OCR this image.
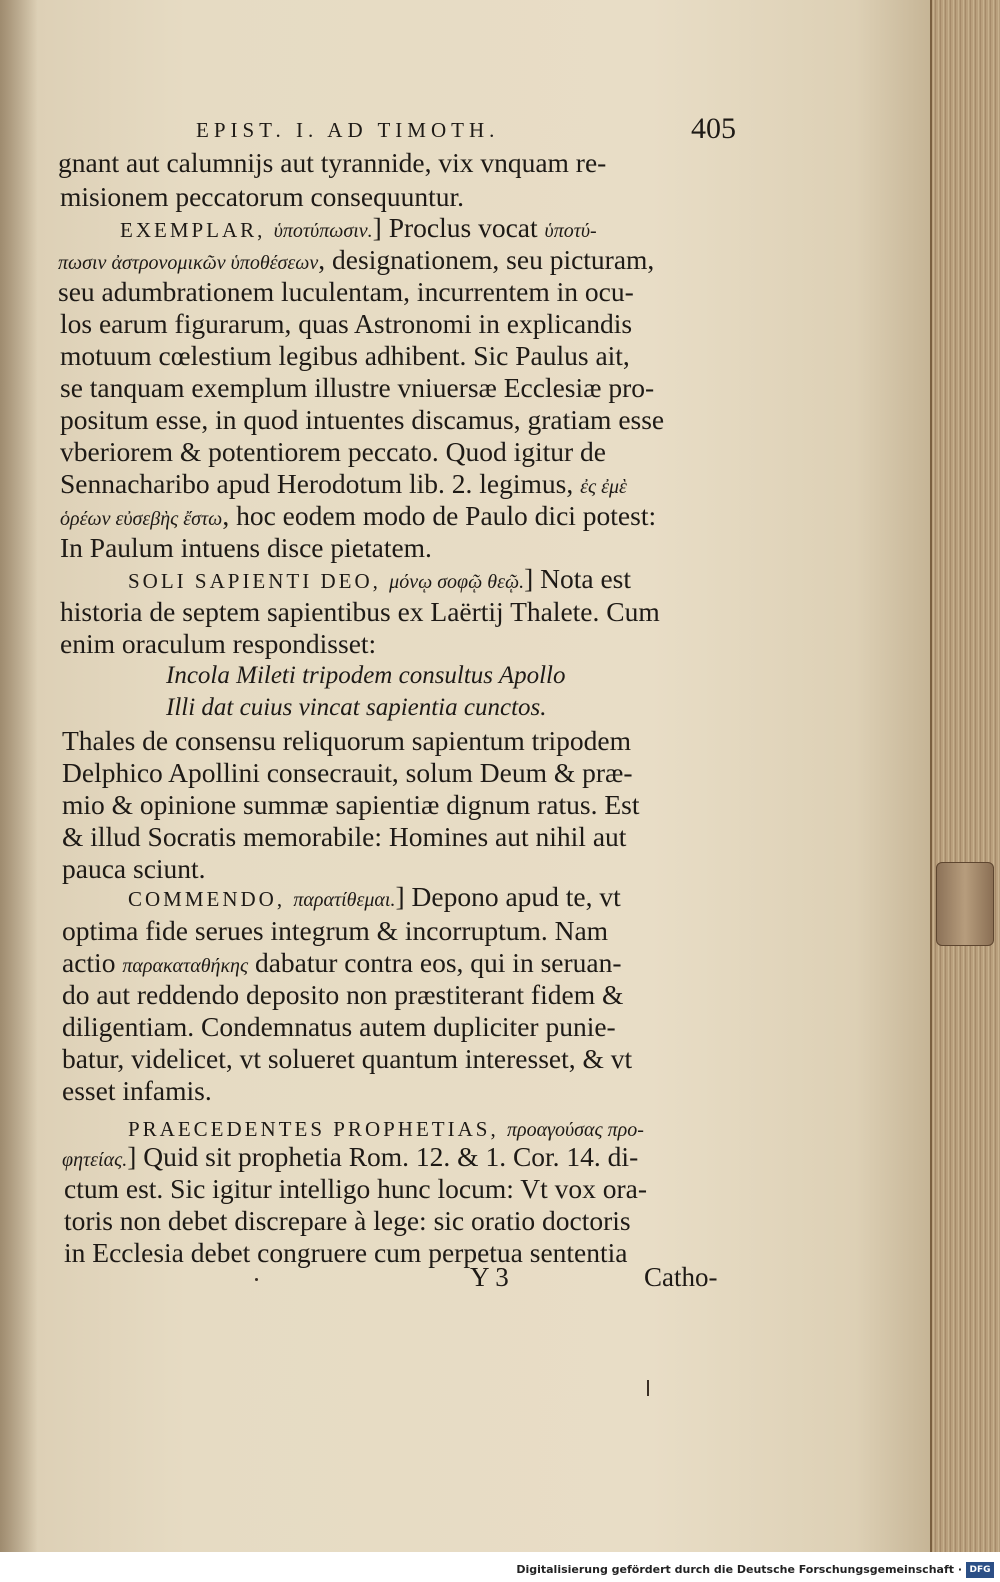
EPIST. I. AD TIMOTH.	405
gnant aut calumnijs aut tyrannide, vix vnquam re-
misionem peccatorum consequuntur.
EXEMPLAR, ὑποτύπωσιν.] Proclus vocat ὑποτύ-
πωσιν ἀστρονομικῶν ὑποθέσεων, designationem, seu picturam,
seu adumbrationem luculentam, incurrentem in ocu-
los earum figurarum, quas Astronomi in explicandis
motuum cœlestium legibus adhibent. Sic Paulus ait,
se tanquam exemplum illustre vniuersæ Ecclesiæ pro-
positum esse, in quod intuentes discamus, gratiam esse
vberiorem & potentiorem peccato. Quod igitur de
Sennacharibo apud Herodotum lib. 2. legimus, ἐς ἐμὲ
ὁρέων εὐσεβὴς ἔστω, hoc eodem modo de Paulo dici potest:
In Paulum intuens disce pietatem.
SOLI SAPIENTI DEO, μόνῳ σοφῷ θεῷ.] Nota est
historia de septem sapientibus ex Laërtij Thalete. Cum
enim oraculum respondisset:
Incola Mileti tripodem consultus Apollo
Illi dat cuius vincat sapientia cunctos.
Thales de consensu reliquorum sapientum tripodem
Delphico Apollini consecrauit, solum Deum & præ-
mio & opinione summæ sapientiæ dignum ratus. Est
& illud Socratis memorabile: Homines aut nihil aut
pauca sciunt.
COMMENDO, παρατίθεμαι.] Depono apud te, vt
optima fide serues integrum & incorruptum. Nam
actio παρακαταθήκης dabatur contra eos, qui in seruan-
do aut reddendo deposito non præstiterant fidem &
diligentiam. Condemnatus autem dupliciter punie-
batur, videlicet, vt solueret quantum interesset, & vt
esset infamis.
PRAECEDENTES PROPHETIAS, προαγούσας προ-
φητείας.] Quid sit prophetia Rom. 12. & 1. Cor. 14. di-
ctum est. Sic igitur intelligo hunc locum: Vt vox ora-
toris non debet discrepare à lege: sic oratio doctoris
in Ecclesia debet congruere cum perpetua sententia
Y 3	Catho-
Digitalisierung gefördert durch die Deutsche Forschungsgemeinschaft · DFG
